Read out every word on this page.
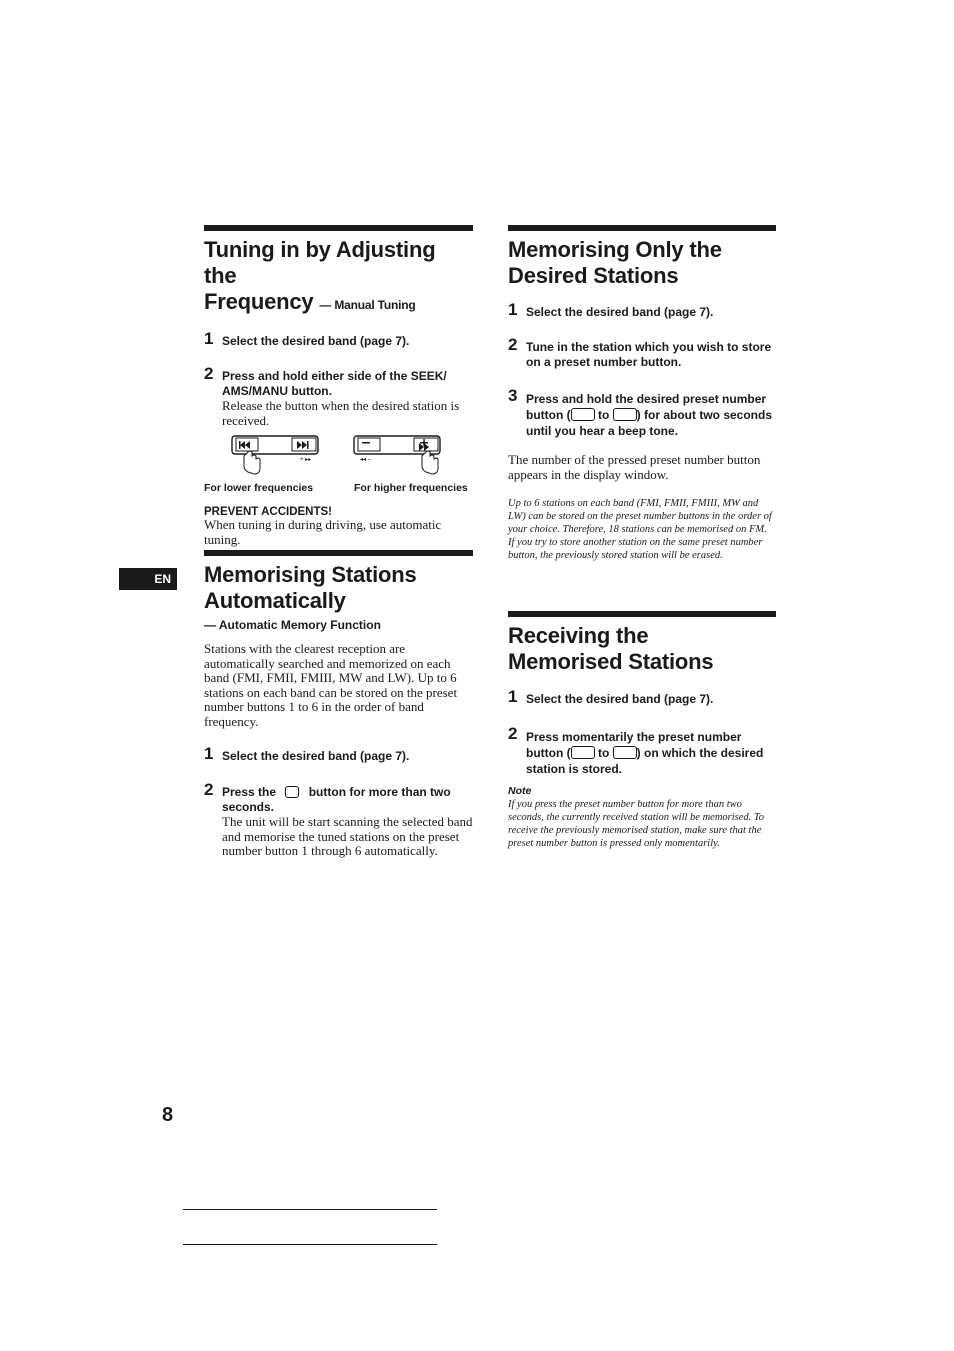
EN
Tuning in by Adjusting the
Frequency — Manual Tuning
1 Select the desired band (page 7).
2 Press and hold either side of the SEEK/ AMS/MANU button.
Release the button when the desired station is received.
+ ▸▸	◂◂ –
For lower frequencies	For higher frequencies
PREVENT ACCIDENTS!
When tuning in during driving, use automatic tuning.
Memorising Stations Automatically
— Automatic Memory Function
Stations with the clearest reception are automatically searched and memorized on each band (FMI, FMII, FMIII, MW and LW). Up to 6 stations on each band can be stored on the preset number buttons 1 to 6 in the order of band frequency.
1 Select the desired band (page 7).
2 Press the	button for more than two seconds.
The unit will be start scanning the selected band and memorise the tuned stations on the preset number button 1 through 6 automatically.
Memorising Only the Desired Stations
1 Select the desired band (page 7).
2 Tune in the station which you wish to store on a preset number button.
3 Press and hold the desired preset number button ( to ) for about two seconds until you hear a beep tone.
The number of the pressed preset number button appears in the display window.
Up to 6 stations on each band (FMI, FMII, FMIII, MW and LW) can be stored on the preset number buttons in the order of your choice. Therefore, 18 stations can be memorised on FM.
If you try to store another station on the same preset number button, the previously stored station will be erased.
Receiving the Memorised Stations
1 Select the desired band (page 7).
2 Press momentarily the preset number button ( to ) on which the desired station is stored.
Note
If you press the preset number button for more than two seconds, the currently received station will be memorised. To receive the previously memorised station, make sure that the preset number button is pressed only momentarily.
8
